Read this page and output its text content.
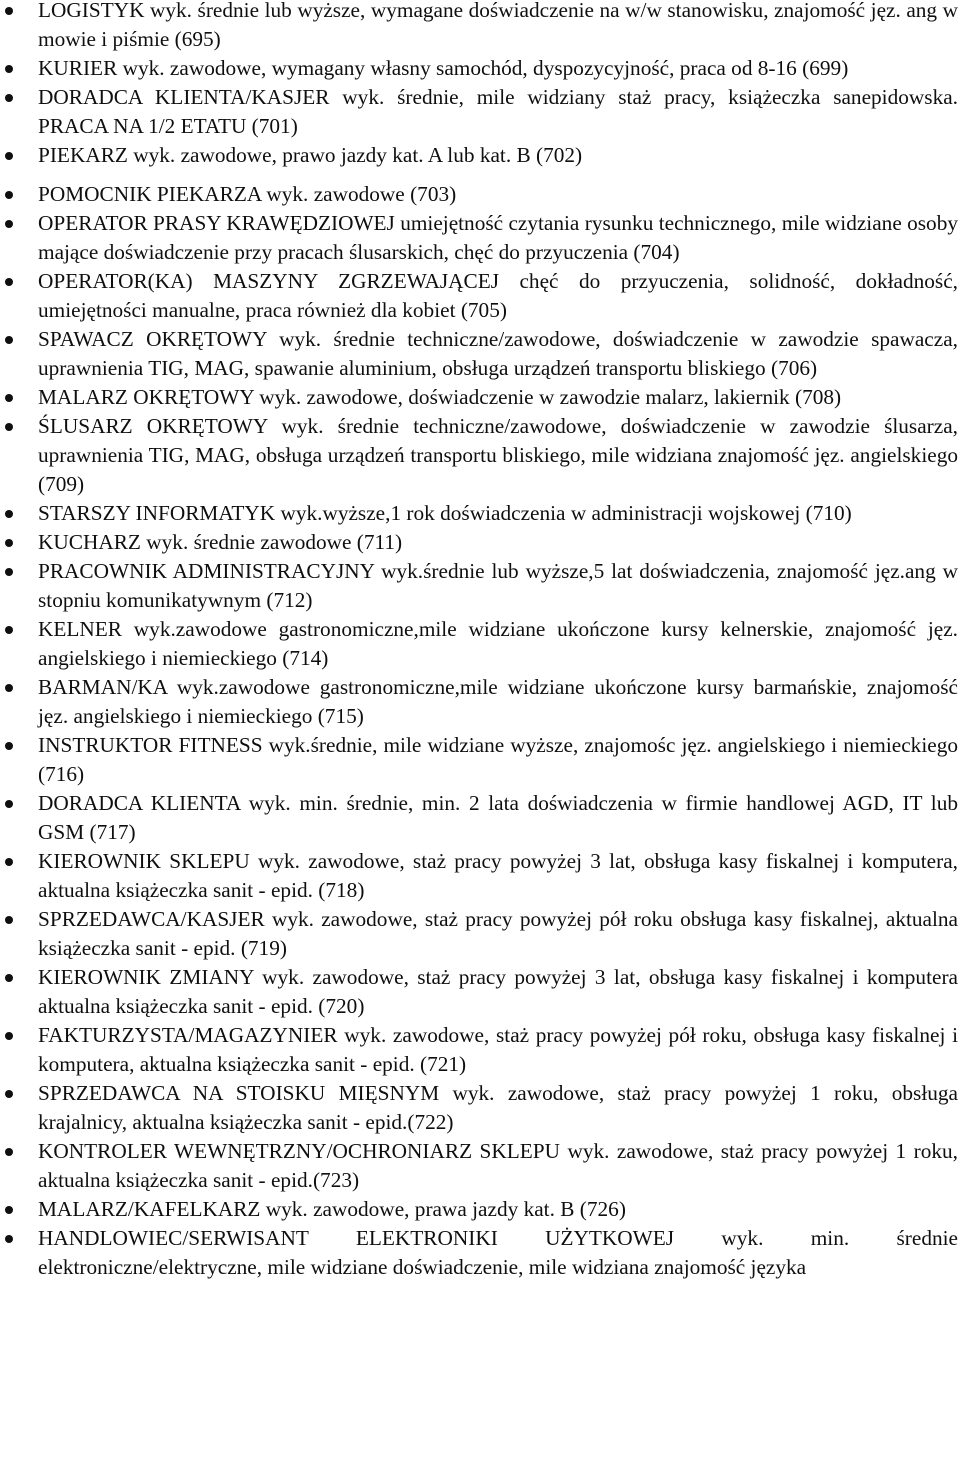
LOGISTYK wyk. średnie lub wyższe, wymagane doświadczenie na w/w stanowisku, znajomość jęz. ang w mowie i piśmie (695)
KURIER wyk. zawodowe, wymagany własny samochód, dyspozycyjność, praca od 8-16 (699)
DORADCA KLIENTA/KASJER wyk. średnie, mile widziany staż pracy, książeczka sanepidowska. PRACA NA 1/2 ETATU (701)
PIEKARZ wyk. zawodowe, prawo jazdy kat. A lub kat. B (702)
POMOCNIK PIEKARZA wyk. zawodowe (703)
OPERATOR PRASY KRAWĘDZIOWEJ umiejętność czytania rysunku technicznego, mile widziane osoby mające doświadczenie przy pracach ślusarskich, chęć do przyuczenia (704)
OPERATOR(KA) MASZYNY ZGRZEWAJĄCEJ chęć do przyuczenia, solidność, dokładność, umiejętności manualne, praca również dla kobiet (705)
SPAWACZ OKRĘTOWY wyk. średnie techniczne/zawodowe, doświadczenie w zawodzie spawacza, uprawnienia TIG, MAG, spawanie aluminium, obsługa urządzeń transportu bliskiego (706)
MALARZ OKRĘTOWY wyk. zawodowe, doświadczenie w zawodzie malarz, lakiernik (708)
ŚLUSARZ OKRĘTOWY wyk. średnie techniczne/zawodowe, doświadczenie w zawodzie ślusarza, uprawnienia TIG, MAG, obsługa urządzeń transportu bliskiego, mile widziana znajomość jęz. angielskiego (709)
STARSZY INFORMATYK wyk.wyższe,1 rok doświadczenia w administracji wojskowej (710)
KUCHARZ wyk. średnie zawodowe (711)
PRACOWNIK ADMINISTRACYJNY wyk.średnie lub wyższe,5 lat doświadczenia, znajomość jęz.ang w stopniu komunikatywnym (712)
KELNER wyk.zawodowe gastronomiczne,mile widziane ukończone kursy kelnerskie, znajomość jęz. angielskiego i niemieckiego (714)
BARMAN/KA wyk.zawodowe gastronomiczne,mile widziane ukończone kursy barmańskie, znajomość jęz. angielskiego i niemieckiego (715)
INSTRUKTOR FITNESS wyk.średnie, mile widziane wyższe, znajomośc jęz. angielskiego i niemieckiego (716)
DORADCA KLIENTA wyk. min. średnie, min. 2 lata doświadczenia w firmie handlowej AGD, IT lub GSM (717)
KIEROWNIK SKLEPU wyk. zawodowe, staż pracy powyżej 3 lat, obsługa kasy fiskalnej i komputera, aktualna książeczka sanit - epid. (718)
SPRZEDAWCA/KASJER wyk. zawodowe, staż pracy powyżej pół roku obsługa kasy fiskalnej, aktualna książeczka sanit - epid. (719)
KIEROWNIK ZMIANY wyk. zawodowe, staż pracy powyżej 3 lat, obsługa kasy fiskalnej i komputera aktualna książeczka sanit - epid. (720)
FAKTURZYSTA/MAGAZYNIER wyk. zawodowe, staż pracy powyżej pół roku, obsługa kasy fiskalnej i komputera, aktualna książeczka sanit - epid. (721)
SPRZEDAWCA NA STOISKU MIĘSNYM wyk. zawodowe, staż pracy powyżej 1 roku, obsługa krajalnicy, aktualna książeczka sanit - epid.(722)
KONTROLER WEWNĘTRZNY/OCHRONIARZ SKLEPU wyk. zawodowe, staż pracy powyżej 1 roku, aktualna książeczka sanit - epid.(723)
MALARZ/KAFELKARZ wyk. zawodowe, prawa jazdy kat. B (726)
HANDLOWIEC/SERWISANT ELEKTRONIKI UŻYTKOWEJ wyk. min. średnie elektroniczne/elektryczne, mile widziane doświadczenie, mile widziana znajomość języka
